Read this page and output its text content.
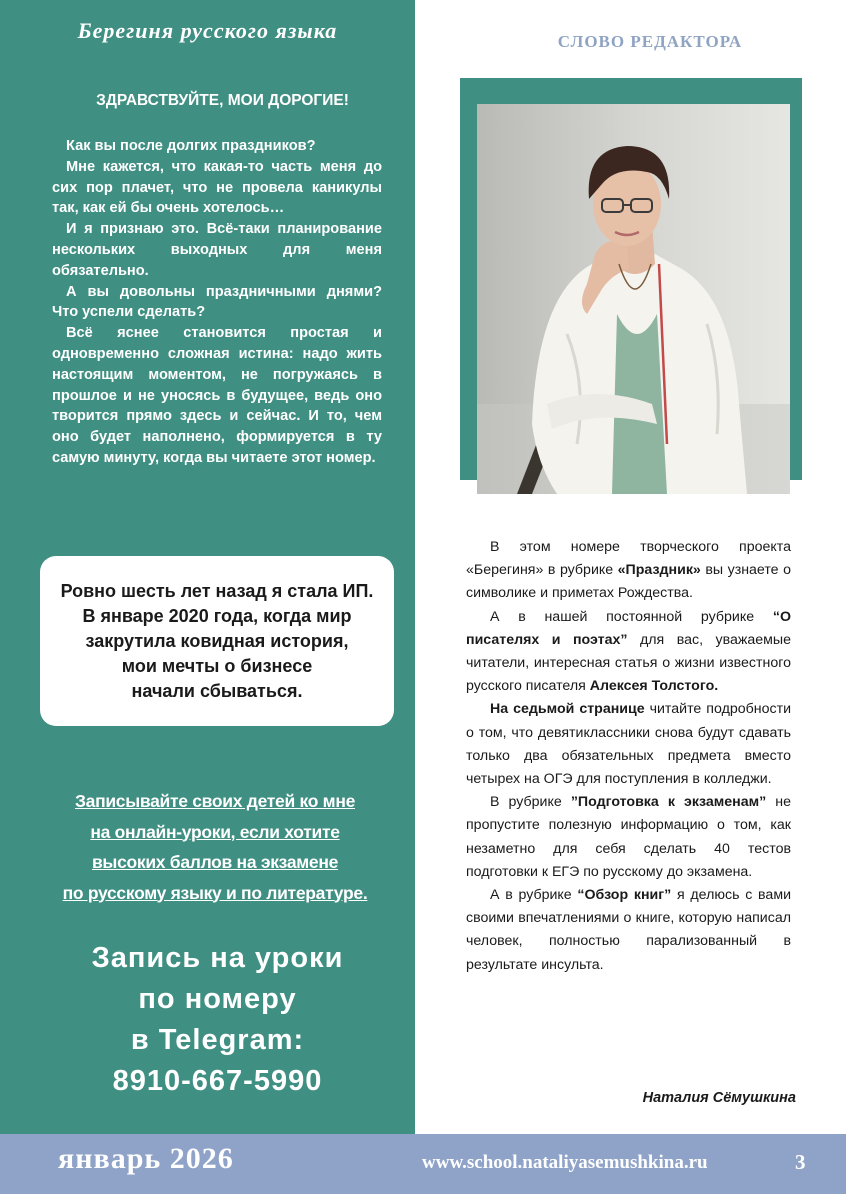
Берегиня русского языка
ЗДРАВСТВУЙТЕ, МОИ ДОРОГИЕ!

Как вы после долгих праздников?

Мне кажется, что какая-то часть меня до сих пор плачет, что не провела каникулы так, как ей бы очень хотелось…

И я признаю это. Всё-таки планирование нескольких выходных для меня обязательно.

А вы довольны праздничными днями? Что успели сделать?

Всё яснее становится простая и одновременно сложная истина: надо жить настоящим моментом, не погружаясь в прошлое и не уносясь в будущее, ведь оно творится прямо здесь и сейчас. И то, чем оно будет наполнено, формируется в ту самую минуту, когда вы читаете этот номер.

Ровно шесть лет назад я стала ИП.
В январе 2020 года, когда мир
закрутила ковидная история,
мои мечты о бизнесе
начали сбываться.
Записывайте своих детей ко мне
на онлайн-уроки, если хотите
высоких баллов на экзамене
по русскому языку и по литературе.
Запись на уроки
по номеру
в Telegram:
8910-667-5990
СЛОВО РЕДАКТОРА

В этом номере творческого проекта «Берегиня» в рубрике «Праздник» вы узнаете о символике и приметах Рождества.

А в нашей постоянной рубрике “О писателях и поэтах” для вас, уважаемые читатели, интересная статья о жизни известного русского писателя Алексея Толстого.

На седьмой странице читайте подробности о том, что девятиклассники снова будут сдавать только два обязательных предмета вместо четырех на ОГЭ для поступления в колледжи.

В рубрике ”Подготовка к экзаменам” не пропустите полезную информацию о том, как незаметно для себя сделать 40 тестов подготовки к ЕГЭ по русскому до экзамена.

А в рубрике “Обзор книг” я делюсь с вами своими впечатлениями о книге, которую написал человек, полностью парализованный в результате инсульта.

Наталия Сёмушкина
январь 2026	www.school.nataliyasemushkina.ru	3
